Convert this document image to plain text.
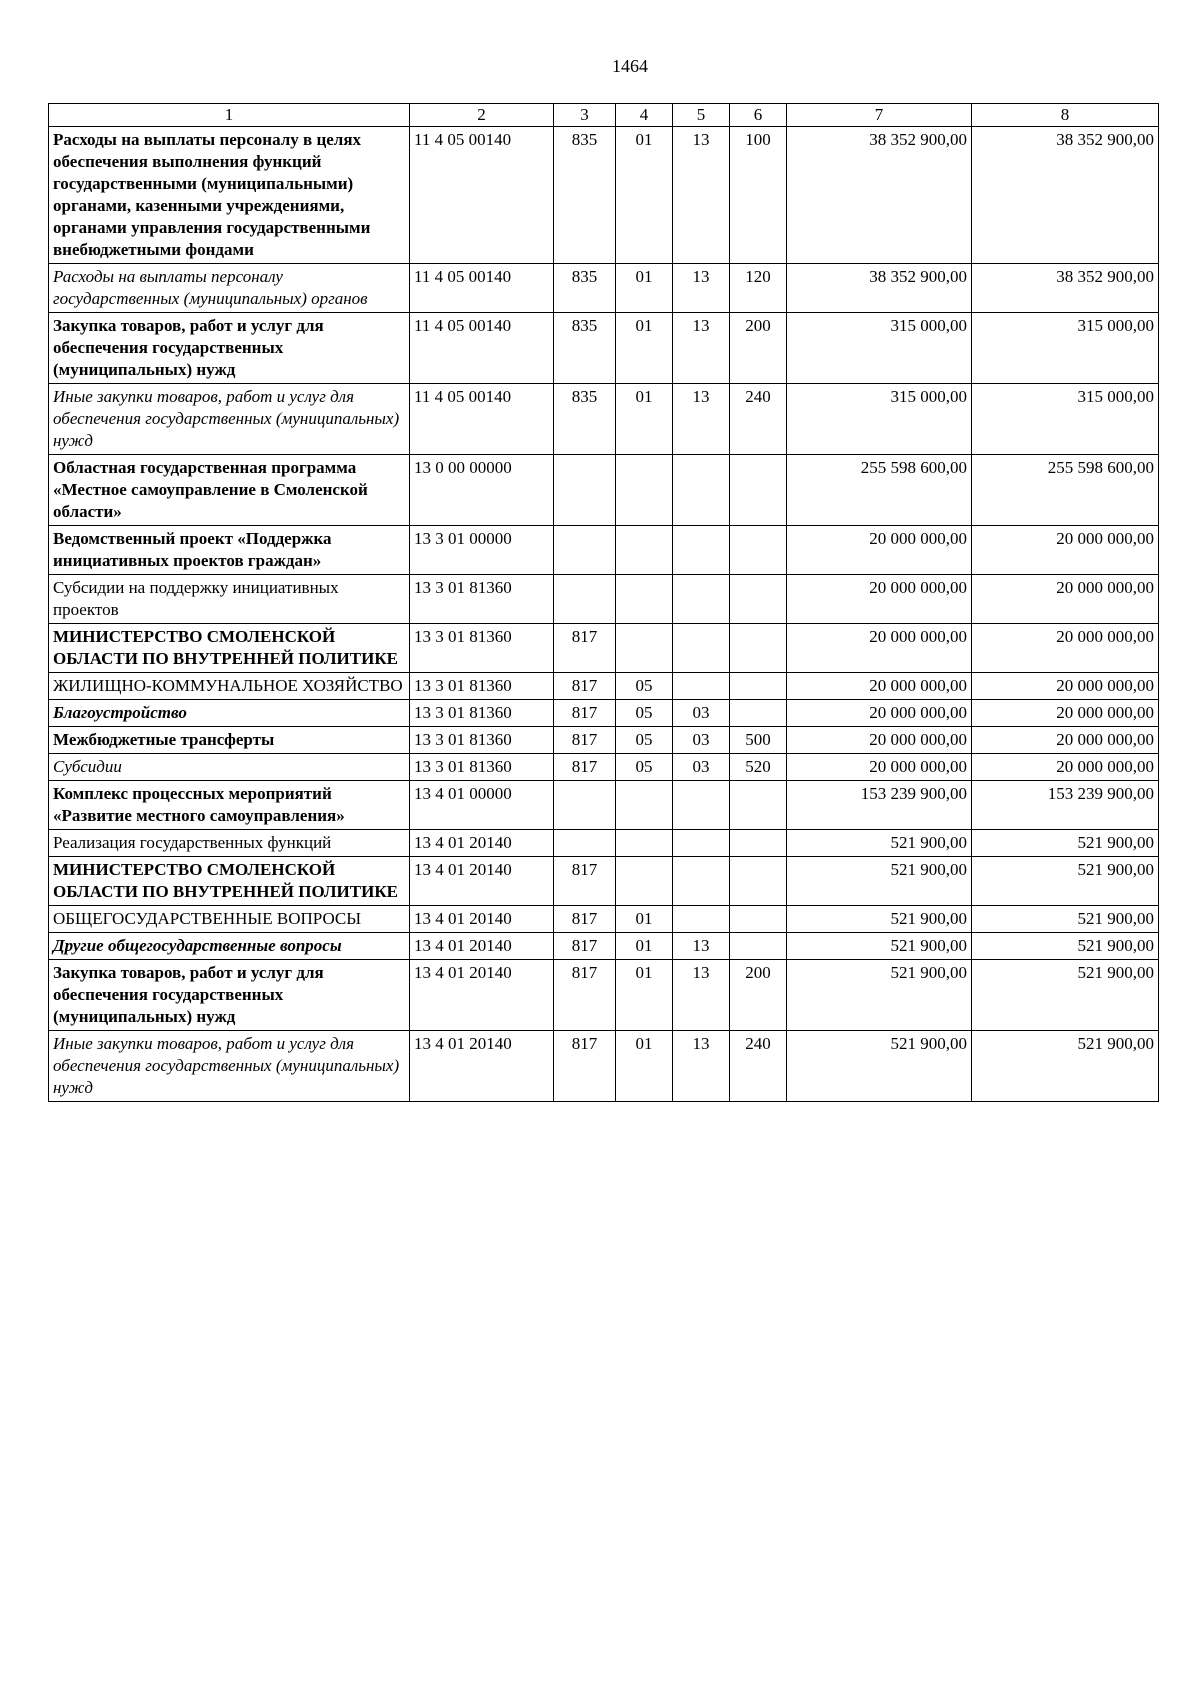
1464
1	2	3	4	5	6	7	8
Расходы на выплаты персоналу в целях обеспечения выполнения функций государственными (муниципальными) органами, казенными учреждениями, органами управления государственными внебюджетными фондами	11 4 05 00140	835	01	13	100	38 352 900,00	38 352 900,00
Расходы на выплаты персоналу государственных (муниципальных) органов	11 4 05 00140	835	01	13	120	38 352 900,00	38 352 900,00
Закупка товаров, работ и услуг для обеспечения государственных (муниципальных) нужд	11 4 05 00140	835	01	13	200	315 000,00	315 000,00
Иные закупки товаров, работ и услуг для обеспечения государственных (муниципальных) нужд	11 4 05 00140	835	01	13	240	315 000,00	315 000,00
Областная государственная программа «Местное самоуправление в Смоленской области»	13 0 00 00000					255 598 600,00	255 598 600,00
Ведомственный проект «Поддержка инициативных проектов граждан»	13 3 01 00000					20 000 000,00	20 000 000,00
Субсидии на поддержку инициативных проектов	13 3 01 81360					20 000 000,00	20 000 000,00
МИНИСТЕРСТВО СМОЛЕНСКОЙ ОБЛАСТИ ПО ВНУТРЕННЕЙ ПОЛИТИКЕ	13 3 01 81360	817				20 000 000,00	20 000 000,00
ЖИЛИЩНО-КОММУНАЛЬНОЕ ХОЗЯЙСТВО	13 3 01 81360	817	05			20 000 000,00	20 000 000,00
Благоустройство	13 3 01 81360	817	05	03		20 000 000,00	20 000 000,00
Межбюджетные трансферты	13 3 01 81360	817	05	03	500	20 000 000,00	20 000 000,00
Субсидии	13 3 01 81360	817	05	03	520	20 000 000,00	20 000 000,00
Комплекс процессных мероприятий «Развитие местного самоуправления»	13 4 01 00000					153 239 900,00	153 239 900,00
Реализация государственных функций	13 4 01 20140					521 900,00	521 900,00
МИНИСТЕРСТВО СМОЛЕНСКОЙ ОБЛАСТИ ПО ВНУТРЕННЕЙ ПОЛИТИКЕ	13 4 01 20140	817				521 900,00	521 900,00
ОБЩЕГОСУДАРСТВЕННЫЕ ВОПРОСЫ	13 4 01 20140	817	01			521 900,00	521 900,00
Другие общегосударственные вопросы	13 4 01 20140	817	01	13		521 900,00	521 900,00
Закупка товаров, работ и услуг для обеспечения государственных (муниципальных) нужд	13 4 01 20140	817	01	13	200	521 900,00	521 900,00
Иные закупки товаров, работ и услуг для обеспечения государственных (муниципальных) нужд	13 4 01 20140	817	01	13	240	521 900,00	521 900,00
